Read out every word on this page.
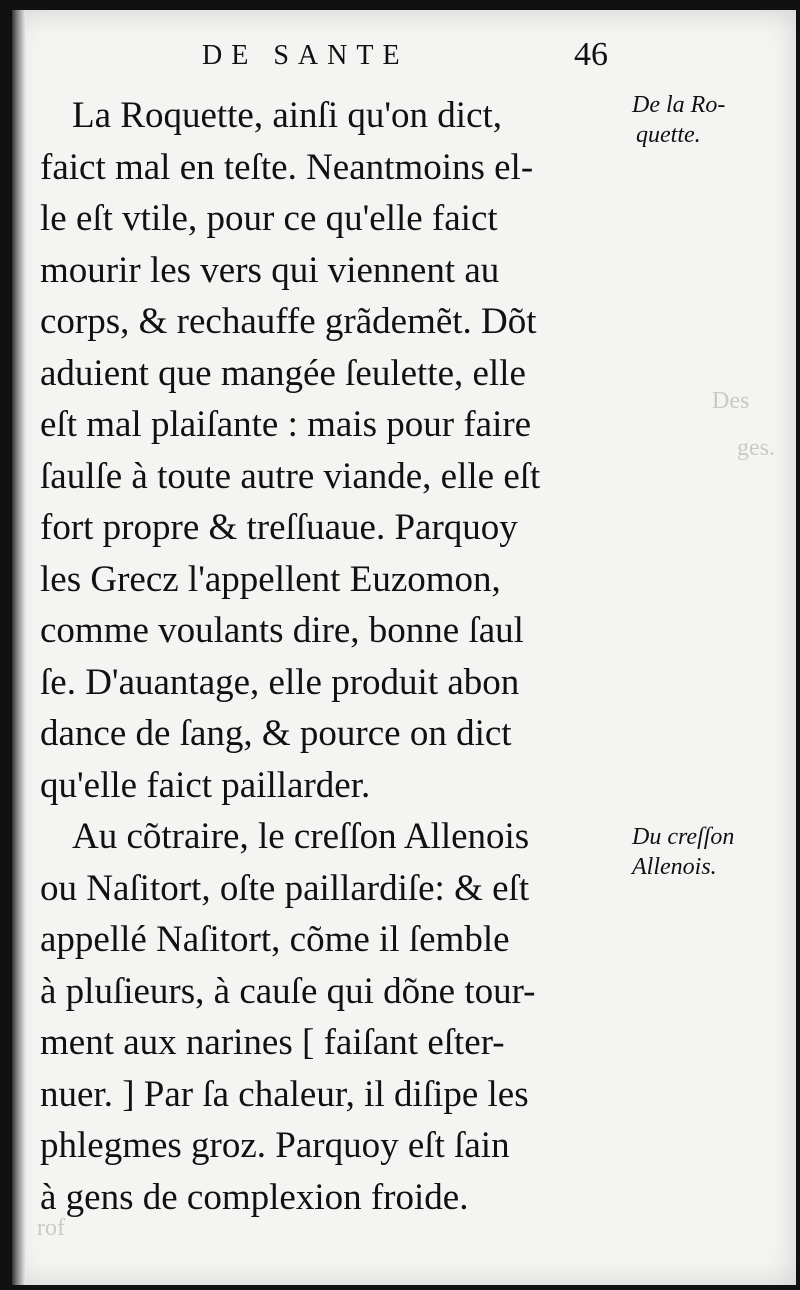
Des
ges.
rof
DE SANTE	46
La Roquette, ainſi qu'on dict,
faict mal en teſte. Neantmoins el-
le eſt vtile, pour ce qu'elle faict
mourir les vers qui viennent au
corps, & rechauffe grãdemẽt. Dõt
aduient que mangée ſeulette, elle
eſt mal plaiſante : mais pour faire
ſaulſe à toute autre viande, elle eſt
fort propre & treſſuaue. Parquoy
les Grecz l'appellent Euzomon,
comme voulants dire, bonne ſaul
ſe. D'auantage, elle produit abon
dance de ſang, & pource on dict
qu'elle faict paillarder.
Au cõtraire, le creſſon Allenois
ou Naſitort, oſte paillardiſe: & eſt
appellé Naſitort, cõme il ſemble
à pluſieurs, à cauſe qui dõne tour-
ment aux narines [ faiſant eſter-
nuer. ] Par ſa chaleur, il diſipe les
phlegmes groz. Parquoy eſt ſain
à gens de complexion froide.
De la Ro-
quette.
Du creſſon
Allenois.
